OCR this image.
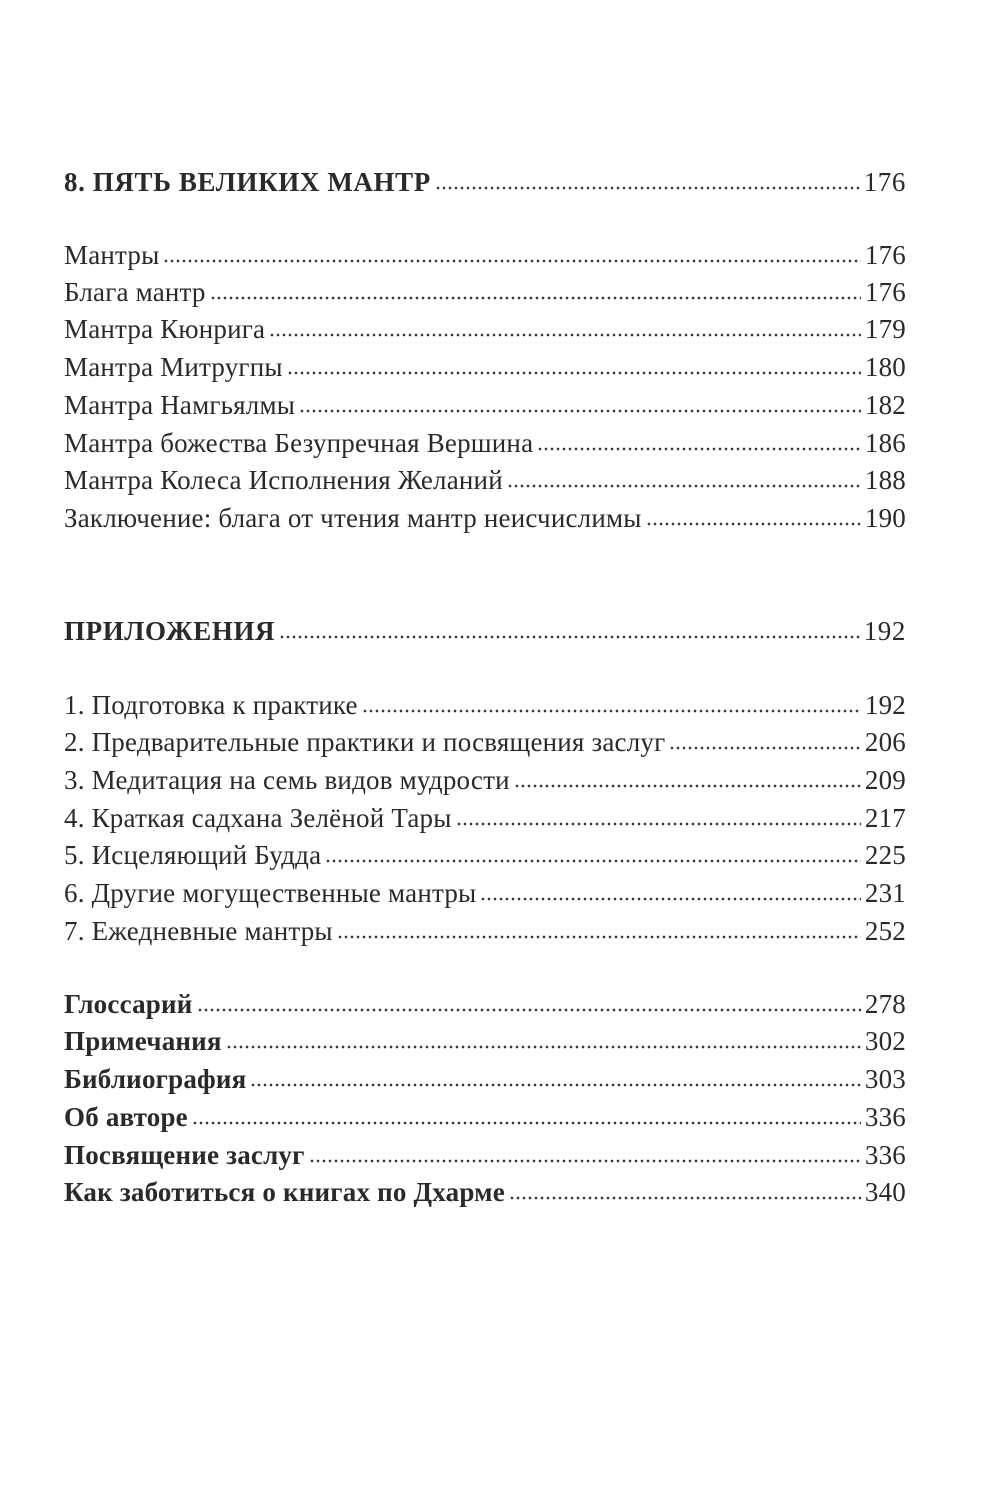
8. ПЯТЬ ВЕЛИКИХ МАНТР	176
Мантры	176
Блага мантр	176
Мантра Кюнрига	179
Мантра Митругпы	180
Мантра Намгьялмы	182
Мантра божества Безупречная Вершина	186
Мантра Колеса Исполнения Желаний	188
Заключение: блага от чтения мантр неисчислимы	190
ПРИЛОЖЕНИЯ	192
1. Подготовка к практике	192
2. Предварительные практики и посвящения заслуг	206
3. Медитация на семь видов мудрости	209
4. Краткая садхана Зелёной Тары	217
5. Исцеляющий Будда	225
6. Другие могущественные мантры	231
7. Ежедневные мантры	252
Глоссарий	278
Примечания	302
Библиография	303
Об авторе	336
Посвящение заслуг	336
Как заботиться о книгах по Дхарме	340
